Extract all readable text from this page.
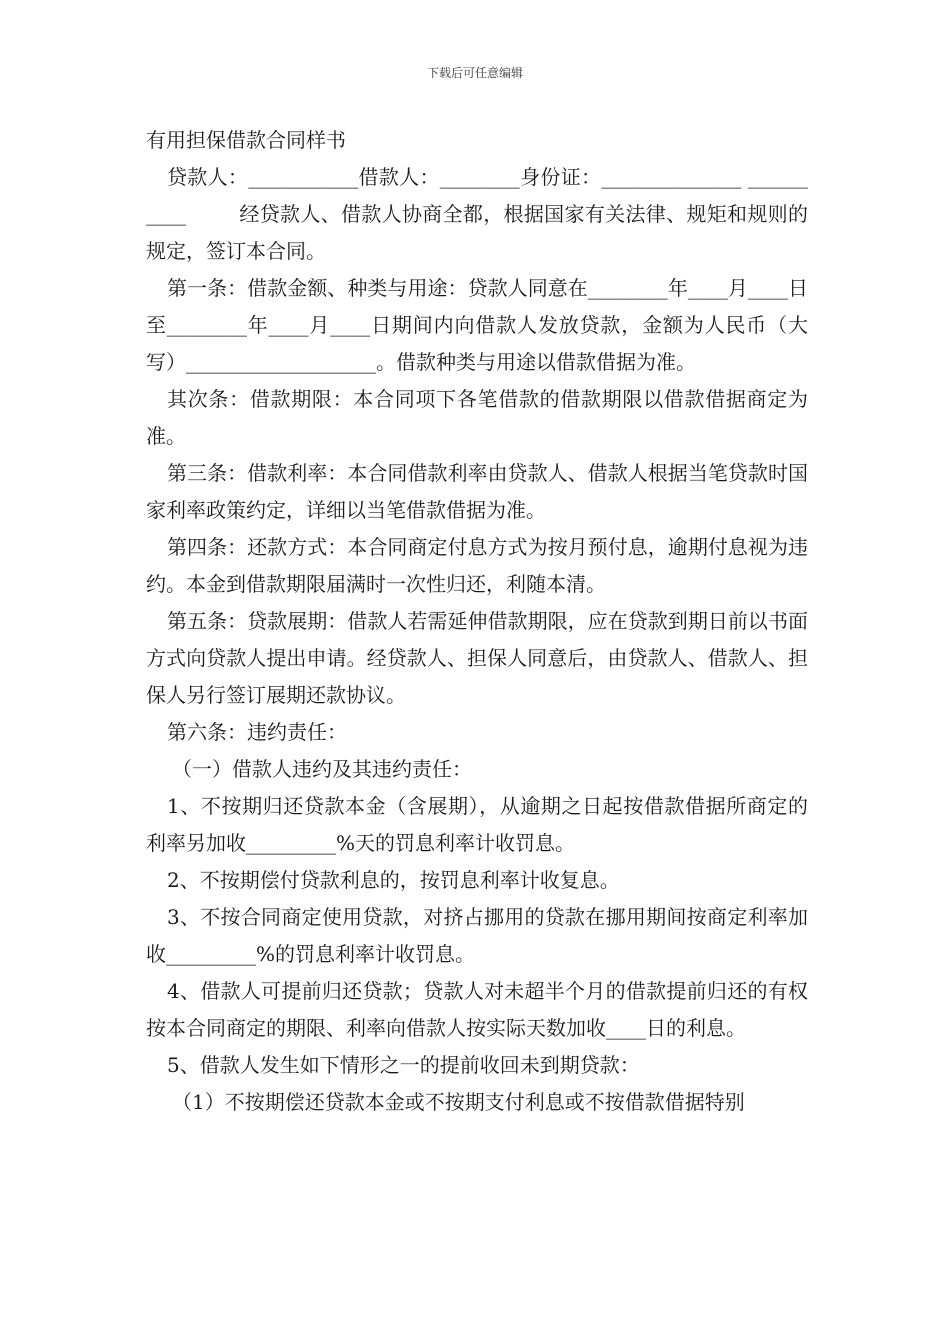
下载后可任意编辑

有用担保借款合同样书

贷款人：___________借款人：________身份证：______________ __________        经贷款人、借款人协商全都，根据国家有关法律、规矩和规则的规定，签订本合同。

第一条：借款金额、种类与用途：贷款人同意在________年____月____日至________年____月____日期间内向借款人发放贷款，金额为人民币（大写）___________________。借款种类与用途以借款借据为准。

其次条：借款期限：本合同项下各笔借款的借款期限以借款借据商定为准。

第三条：借款利率：本合同借款利率由贷款人、借款人根据当笔贷款时国家利率政策约定，详细以当笔借款借据为准。

第四条：还款方式：本合同商定付息方式为按月预付息，逾期付息视为违约。本金到借款期限届满时一次性归还，利随本清。

第五条：贷款展期：借款人若需延伸借款期限，应在贷款到期日前以书面方式向贷款人提出申请。经贷款人、担保人同意后，由贷款人、借款人、担保人另行签订展期还款协议。

第六条：违约责任：

（一）借款人违约及其违约责任：

1、不按期归还贷款本金（含展期），从逾期之日起按借款借据所商定的利率另加收_________%天的罚息利率计收罚息。

2、不按期偿付贷款利息的，按罚息利率计收复息。

3、不按合同商定使用贷款，对挤占挪用的贷款在挪用期间按商定利率加收_________%的罚息利率计收罚息。

4、借款人可提前归还贷款；贷款人对未超半个月的借款提前归还的有权按本合同商定的期限、利率向借款人按实际天数加收____日的利息。

5、借款人发生如下情形之一的提前收回未到期贷款：

（1）不按期偿还贷款本金或不按期支付利息或不按借款借据特别
